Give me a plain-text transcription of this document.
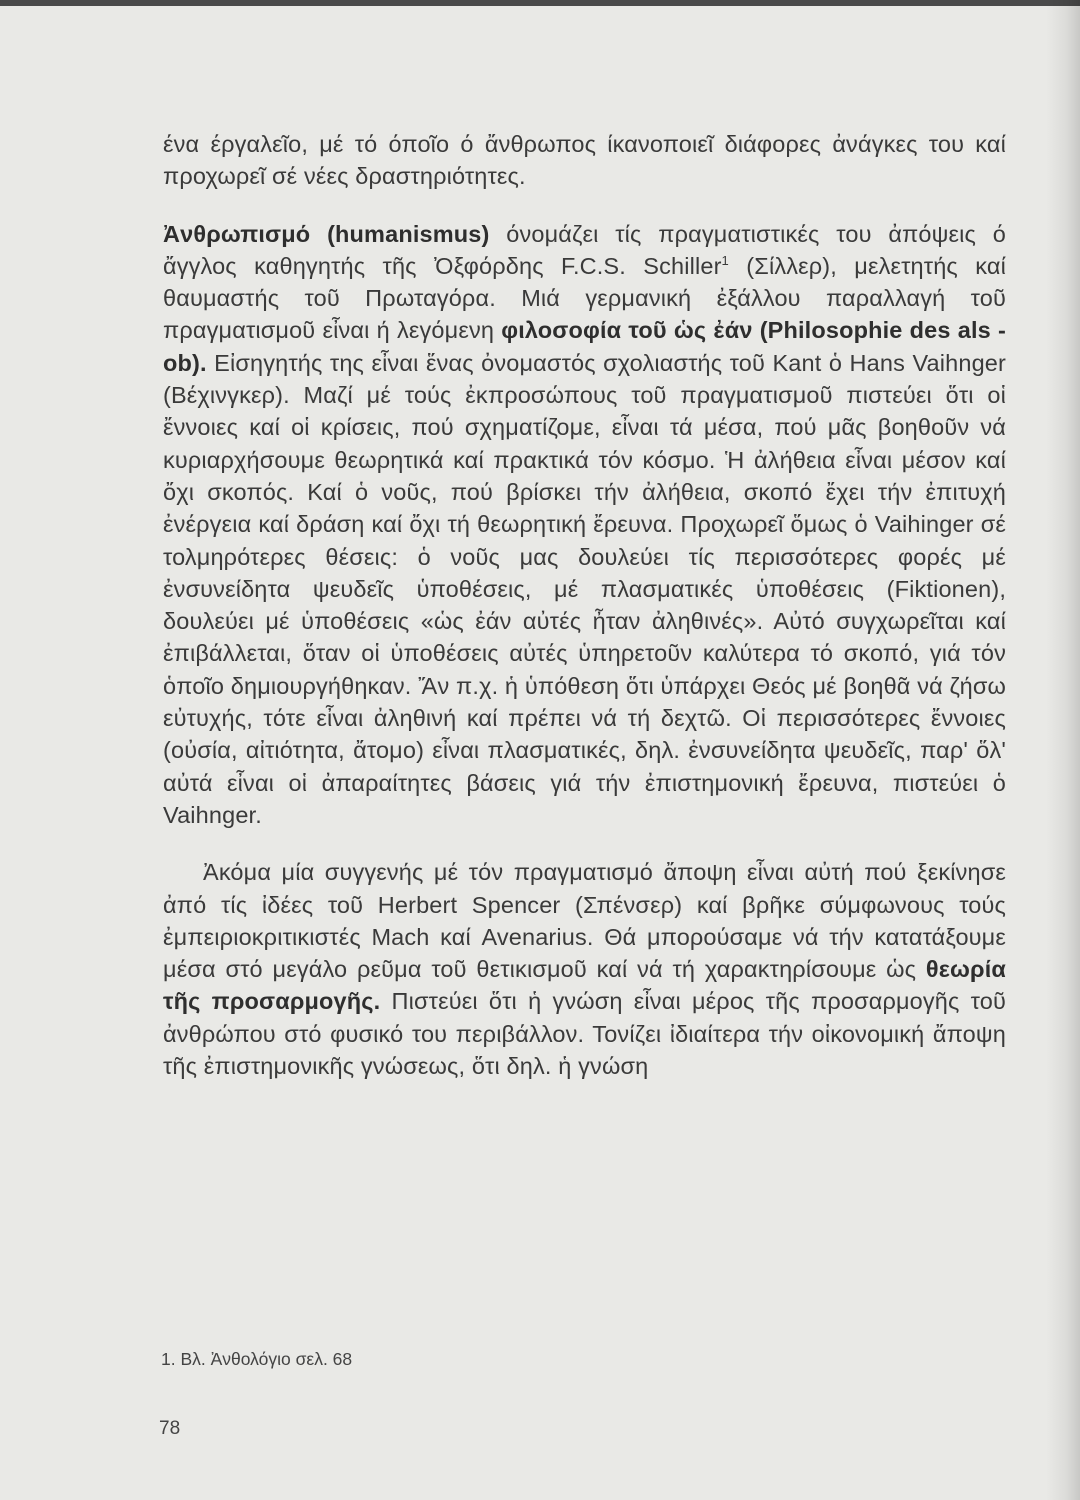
ένα έργαλεῖο, μέ τό όποῖο ό ἄνθρωπος ίκανοποιεῖ διάφορες ἀνάγκες του καί προχωρεῖ σέ νέες δραστηριότητες.

Ἀνθρωπισμό (humanismus) όνομάζει τίς πραγματιστικές του ἀπόψεις ό ἄγγλος καθηγητής τῆς Ὀξφόρδης F.C.S. Schiller$^1$ (Σίλλερ), μελετητής καί θαυμαστής τοῦ Πρωταγόρα. Μιά γερμανική ἐξάλλου παραλλαγή τοῦ πραγματισμοῦ εἶναι ή λεγόμενη φιλοσοφία τοῦ ὡς ἐάν (Philosophie des als - ob). Εἰσηγητής της εἶναι ἕνας ὀνομαστός σχολιαστής τοῦ Kant ὁ Hans Vaihnger (Βέχινγκερ). Μαζί μέ τούς ἐκπροσώπους τοῦ πραγματισμοῦ πιστεύει ὅτι οἱ ἔννοιες καί οἱ κρίσεις, πού σχηματίζομε, εἶναι τά μέσα, πού μᾶς βοηθοῦν νά κυριαρχήσουμε θεωρητικά καί πρακτικά τόν κόσμο. Ἡ ἀλήθεια εἶναι μέσον καί ὄχι σκοπός. Καί ὁ νοῦς, πού βρίσκει τήν ἀλήθεια, σκοπό ἔχει τήν ἐπιτυχή ἐνέργεια καί δράση καί ὄχι τή θεωρητική ἔρευνα. Προχωρεῖ ὅμως ὁ Vaihinger σέ τολμηρότερες θέσεις: ὁ νοῦς μας δουλεύει τίς περισσότερες φορές μέ ἐνσυνείδητα ψευδεῖς ὑποθέσεις, μέ πλασματικές ὑποθέσεις (Fiktionen), δουλεύει μέ ὑποθέσεις «ὡς ἐάν αὐτές ἦταν ἀληθινές». Αὐτό συγχωρεῖται καί ἐπιβάλλεται, ὅταν οἱ ὑποθέσεις αὐτές ὑπηρετοῦν καλύτερα τό σκοπό, γιά τόν ὁποῖο δημιουργήθηκαν. Ἄν π.χ. ἡ ὑπόθεση ὅτι ὑπάρχει Θεός μέ βοηθᾶ νά ζήσω εὐτυχής, τότε εἶναι ἀληθινή καί πρέπει νά τή δεχτῶ. Οἱ περισσότερες ἔννοιες (οὐσία, αἰτιότητα, ἄτομο) εἶναι πλασματικές, δηλ. ἐνσυνείδητα ψευδεῖς, παρ' ὅλ' αὐτά εἶναι οἱ ἀπαραίτητες βάσεις γιά τήν ἐπιστημονική ἔρευνα, πιστεύει ὁ Vaihnger.

Ἀκόμα μία συγγενής μέ τόν πραγματισμό ἄποψη εἶναι αὐτή πού ξεκίνησε ἀπό τίς ἰδέες τοῦ Herbert Spencer (Σπένσερ) καί βρῆκε σύμφωνους τούς ἐμπειριοκριτικιστές Mach καί Avenarius. Θά μπορούσαμε νά τήν κατατάξουμε μέσα στό μεγάλο ρεῦμα τοῦ θετικισμοῦ καί νά τή χαρακτηρίσουμε ὡς θεωρία τῆς προσαρμογῆς. Πιστεύει ὅτι ἡ γνώση εἶναι μέρος τῆς προσαρμογῆς τοῦ ἀνθρώπου στό φυσικό του περιβάλλον. Τονίζει ἰδιαίτερα τήν οἰκονομική ἄποψη τῆς ἐπιστημονικῆς γνώσεως, ὅτι δηλ. ἡ γνώση

1. Βλ. Ἀνθολόγιο σελ. 68
78
